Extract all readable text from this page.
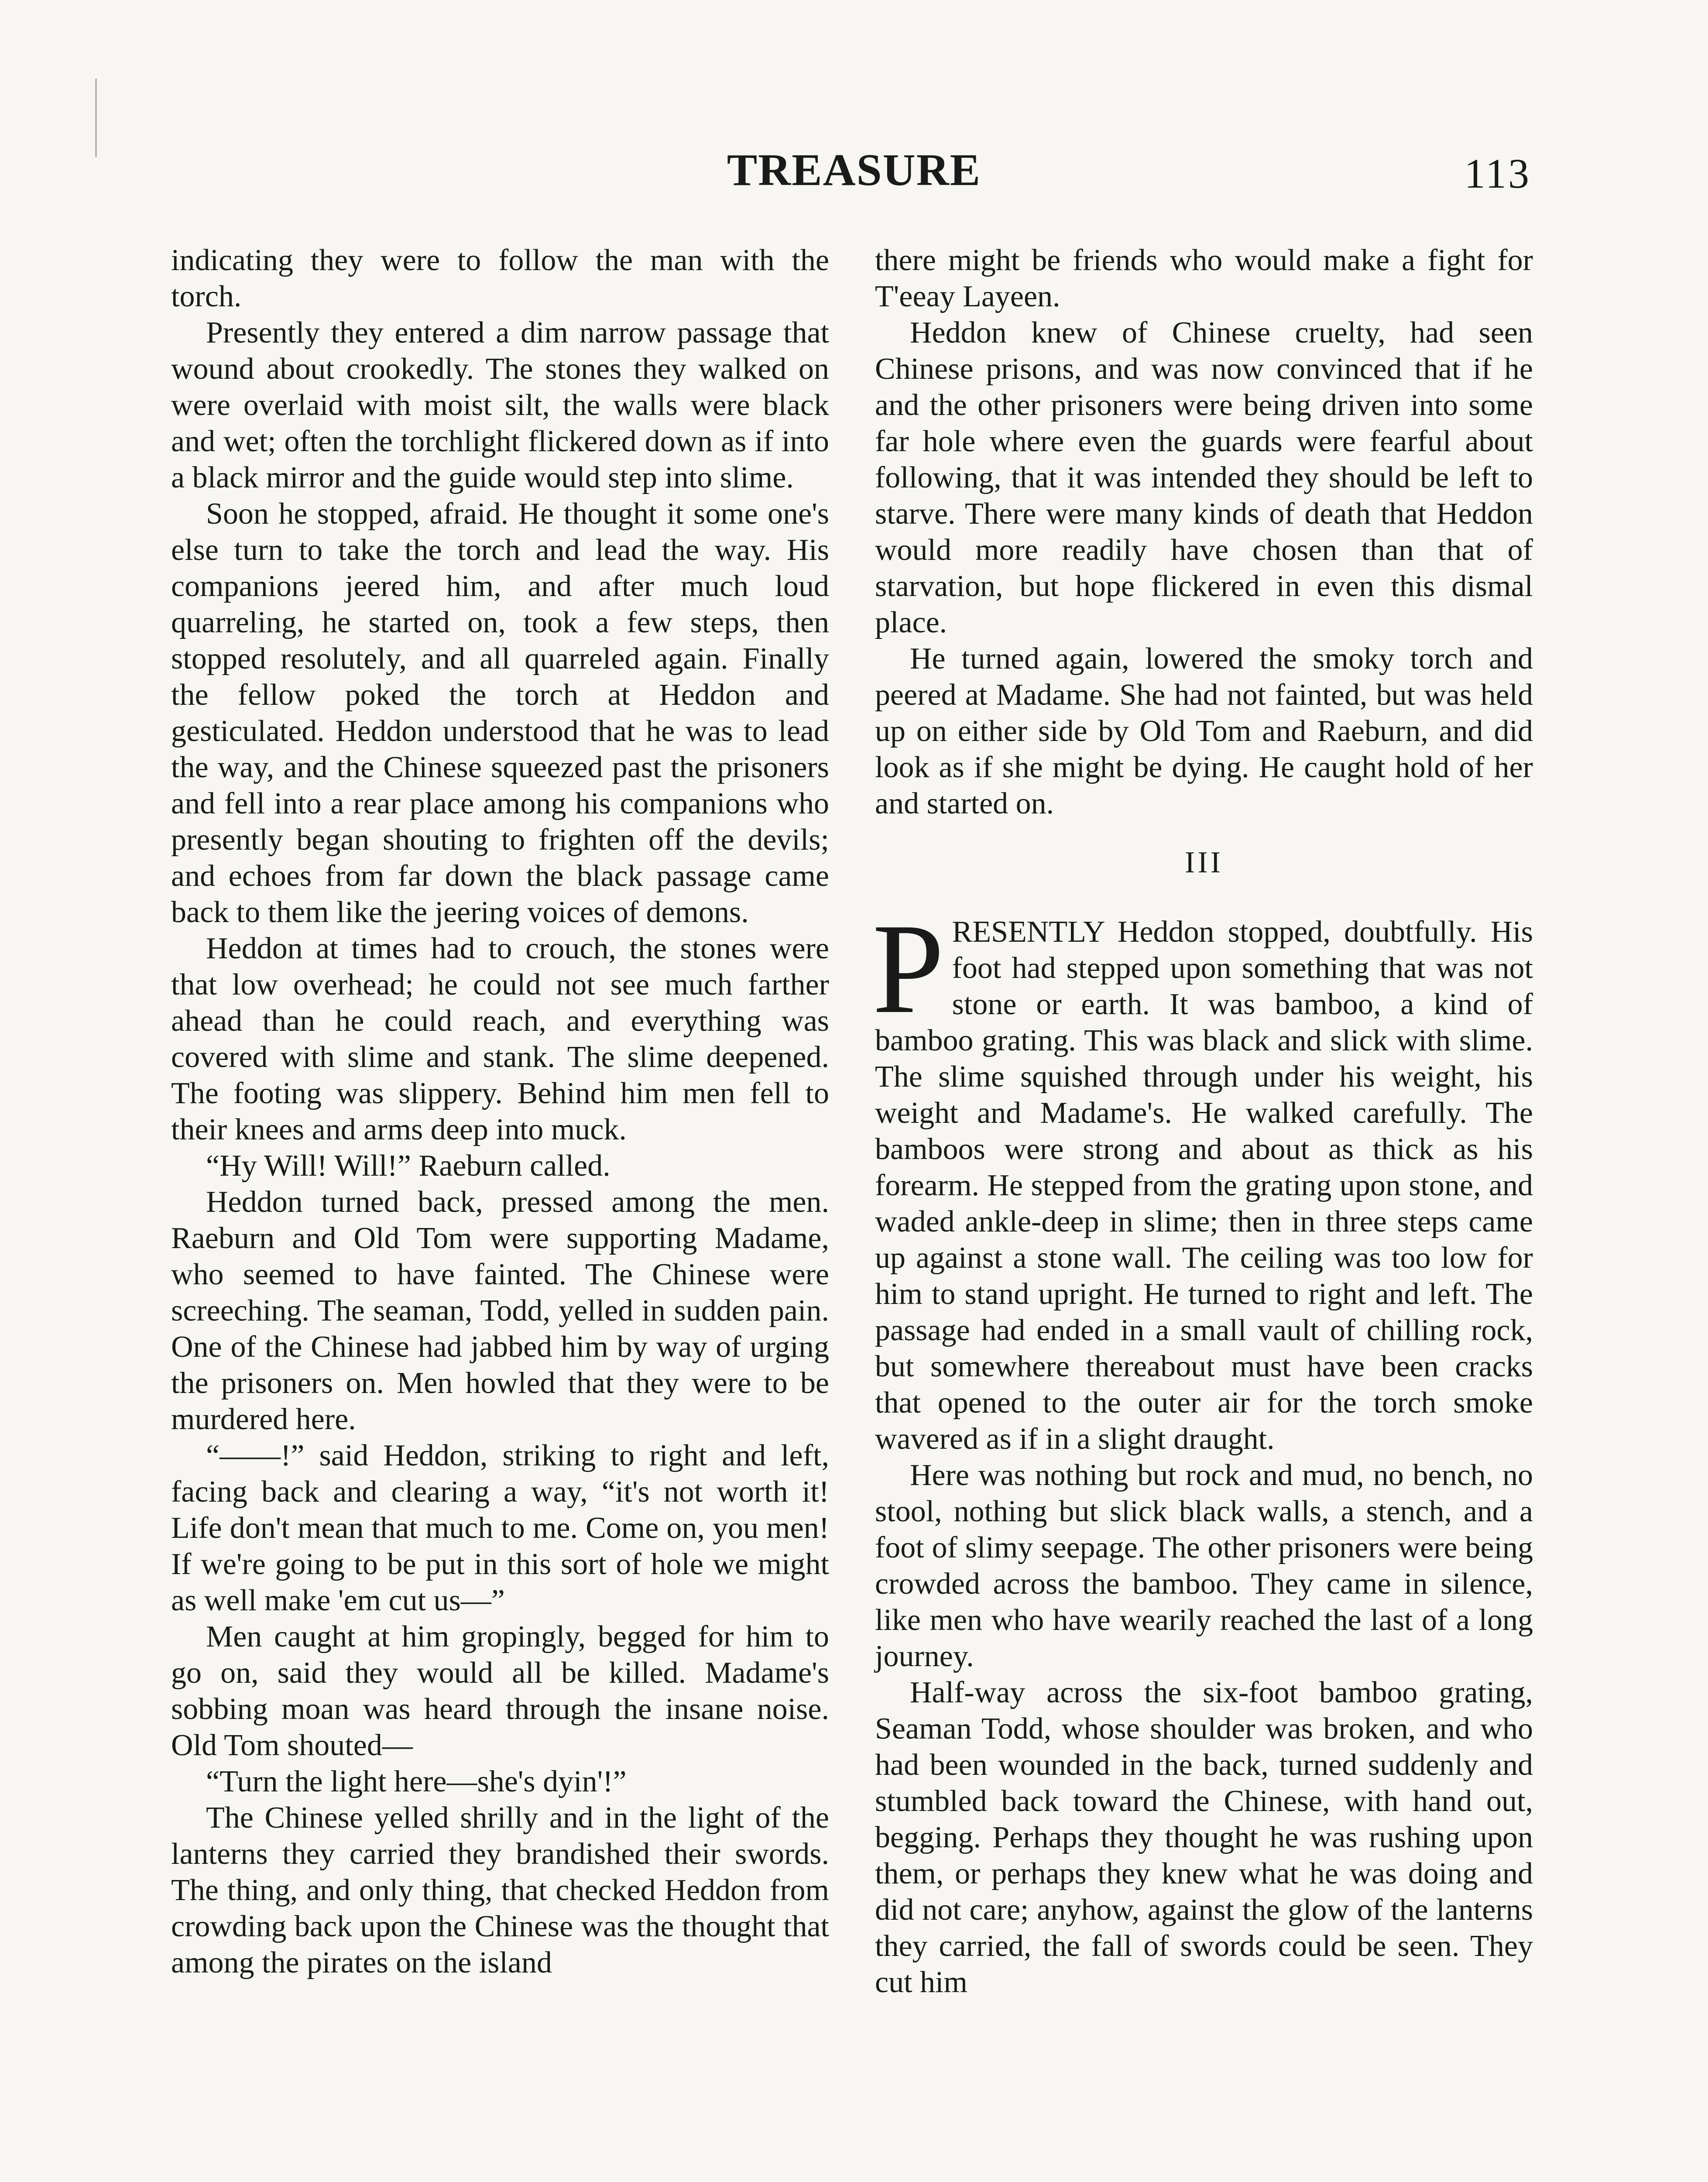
TREASURE	113

indicating they were to follow the man with the torch.

Presently they entered a dim narrow passage that wound about crookedly. The stones they walked on were overlaid with moist silt, the walls were black and wet; often the torchlight flickered down as if into a black mirror and the guide would step into slime.

Soon he stopped, afraid. He thought it some one's else turn to take the torch and lead the way. His companions jeered him, and after much loud quarreling, he started on, took a few steps, then stopped resolutely, and all quarreled again. Finally the fellow poked the torch at Heddon and gesticulated. Heddon understood that he was to lead the way, and the Chinese squeezed past the prisoners and fell into a rear place among his companions who presently began shouting to frighten off the devils; and echoes from far down the black passage came back to them like the jeering voices of demons.

Heddon at times had to crouch, the stones were that low overhead; he could not see much farther ahead than he could reach, and everything was covered with slime and stank. The slime deepened. The footing was slippery. Behind him men fell to their knees and arms deep into muck.

“Hy Will! Will!” Raeburn called.

Heddon turned back, pressed among the men. Raeburn and Old Tom were supporting Madame, who seemed to have fainted. The Chinese were screeching. The seaman, Todd, yelled in sudden pain. One of the Chinese had jabbed him by way of urging the prisoners on. Men howled that they were to be murdered here.

“——!” said Heddon, striking to right and left, facing back and clearing a way, “it's not worth it! Life don't mean that much to me. Come on, you men! If we're going to be put in this sort of hole we might as well make 'em cut us—”

Men caught at him gropingly, begged for him to go on, said they would all be killed. Madame's sobbing moan was heard through the insane noise. Old Tom shouted—

“Turn the light here—she's dyin'!”

The Chinese yelled shrilly and in the light of the lanterns they carried they brandished their swords. The thing, and only thing, that checked Heddon from crowding back upon the Chinese was the thought that among the pirates on the island

there might be friends who would make a fight for T'eeay Layeen.

Heddon knew of Chinese cruelty, had seen Chinese prisons, and was now convinced that if he and the other prisoners were being driven into some far hole where even the guards were fearful about following, that it was intended they should be left to starve. There were many kinds of death that Heddon would more readily have chosen than that of starvation, but hope flickered in even this dismal place.

He turned again, lowered the smoky torch and peered at Madame. She had not fainted, but was held up on either side by Old Tom and Raeburn, and did look as if she might be dying. He caught hold of her and started on.

III

PRESENTLY Heddon stopped, doubtfully. His foot had stepped upon something that was not stone or earth. It was bamboo, a kind of bamboo grating. This was black and slick with slime. The slime squished through under his weight, his weight and Madame's. He walked carefully. The bamboos were strong and about as thick as his forearm. He stepped from the grating upon stone, and waded ankle-deep in slime; then in three steps came up against a stone wall. The ceiling was too low for him to stand upright. He turned to right and left. The passage had ended in a small vault of chilling rock, but somewhere thereabout must have been cracks that opened to the outer air for the torch smoke wavered as if in a slight draught.

Here was nothing but rock and mud, no bench, no stool, nothing but slick black walls, a stench, and a foot of slimy seepage. The other prisoners were being crowded across the bamboo. They came in silence, like men who have wearily reached the last of a long journey.

Half-way across the six-foot bamboo grating, Seaman Todd, whose shoulder was broken, and who had been wounded in the back, turned suddenly and stumbled back toward the Chinese, with hand out, begging. Perhaps they thought he was rushing upon them, or perhaps they knew what he was doing and did not care; anyhow, against the glow of the lanterns they carried, the fall of swords could be seen. They cut him
